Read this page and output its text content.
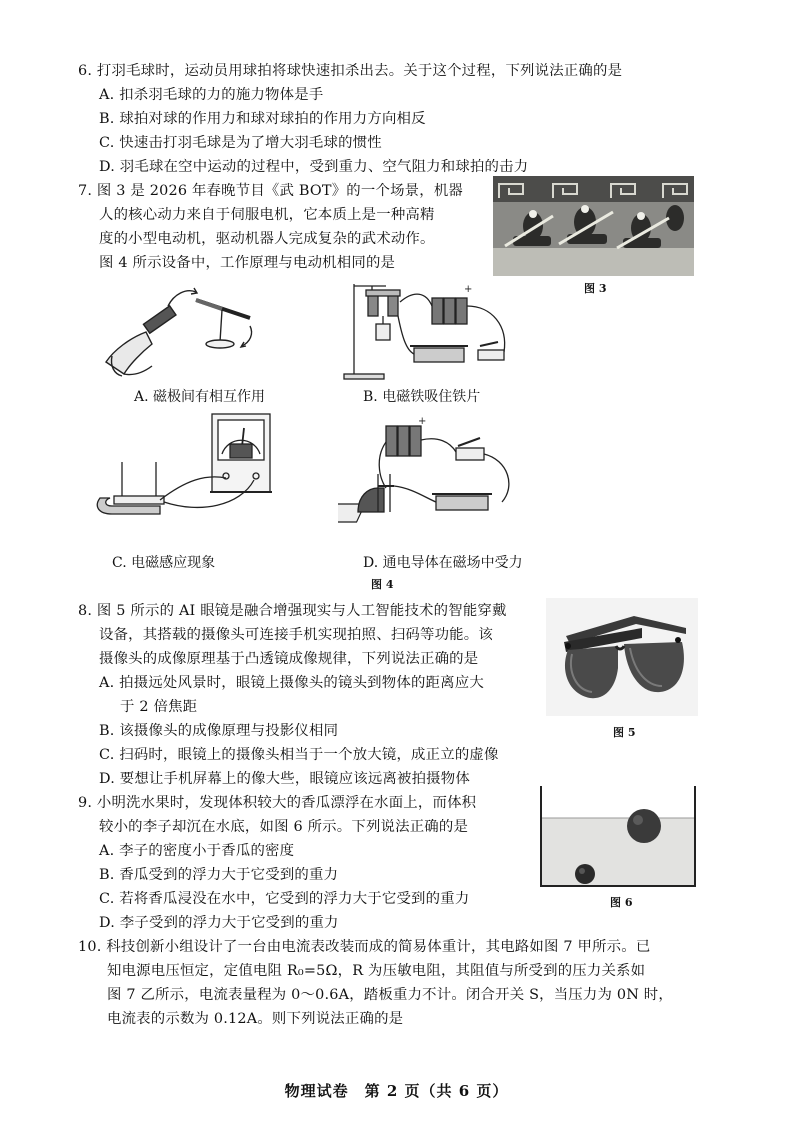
6. 打羽毛球时，运动员用球拍将球快速扣杀出去。关于这个过程，下列说法正确的是
A. 扣杀羽毛球的力的施力物体是手
B. 球拍对球的作用力和球对球拍的作用力方向相反
C. 快速击打羽毛球是为了增大羽毛球的惯性
D. 羽毛球在空中运动的过程中，受到重力、空气阻力和球拍的击力
7. 图 3 是 2026 年春晚节目《武 BOT》的一个场景，机器
人的核心动力来自于伺服电机，它本质上是一种高精
度的小型电动机，驱动机器人完成复杂的武术动作。
图 4 所示设备中，工作原理与电动机相同的是
图 3
A. 磁极间有相互作用
+
B. 电磁铁吸住铁片
C. 电磁感应现象
+
D. 通电导体在磁场中受力
图 4
8. 图 5 所示的 AI 眼镜是融合增强现实与人工智能技术的智能穿戴
设备，其搭载的摄像头可连接手机实现拍照、扫码等功能。该
摄像头的成像原理基于凸透镜成像规律，下列说法正确的是
A. 拍摄远处风景时，眼镜上摄像头的镜头到物体的距离应大
于 2 倍焦距
B. 该摄像头的成像原理与投影仪相同
C. 扫码时，眼镜上的摄像头相当于一个放大镜，成正立的虚像
D. 要想让手机屏幕上的像大些，眼镜应该远离被拍摄物体
图 5
9. 小明洗水果时，发现体积较大的香瓜漂浮在水面上，而体积
较小的李子却沉在水底，如图 6 所示。下列说法正确的是
A. 李子的密度小于香瓜的密度
B. 香瓜受到的浮力大于它受到的重力
C. 若将香瓜浸没在水中，它受到的浮力大于它受到的重力
D. 李子受到的浮力大于它受到的重力
图 6
10. 科技创新小组设计了一台由电流表改装而成的简易体重计，其电路如图 7 甲所示。已
知电源电压恒定，定值电阻 R₀=5Ω，R 为压敏电阻，其阻值与所受到的压力关系如
图 7 乙所示，电流表量程为 0～0.6A，踏板重力不计。闭合开关 S，当压力为 0N 时，
电流表的示数为 0.12A。则下列说法正确的是
物理试卷　第 2 页（共 6 页）
